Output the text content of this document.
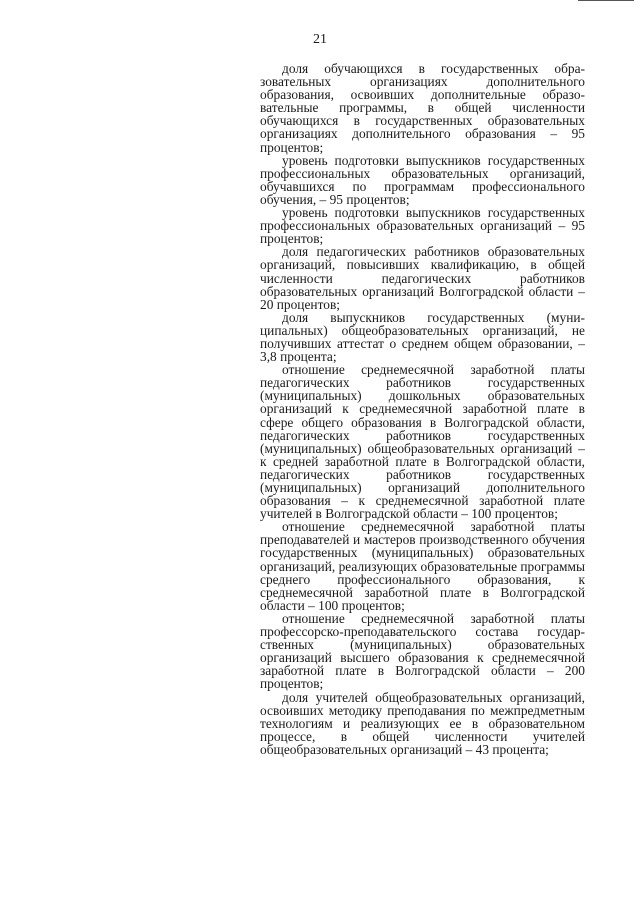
21

доля обучающихся в государственных образовательных организациях дополнительного образования, освоивших дополнительные образовательные программы, в общей численности обучающихся в государственных образовательных организациях дополнительного образования – 95 процентов;

уровень подготовки выпускников государственных профессиональных образовательных организаций, обучавшихся по программам профессионального обучения, – 95 процентов;

уровень подготовки выпускников государственных профессиональных образовательных организаций – 95 процентов;

доля педагогических работников образовательных организаций, повысивших квалификацию, в общей численности педагогических работников образовательных организаций Волгоградской области – 20 процентов;

доля выпускников государственных (муниципальных) общеобразовательных организаций, не получивших аттестат о среднем общем образовании, – 3,8 процента;

отношение среднемесячной заработной платы педагогических работников государственных (муниципальных) дошкольных образовательных организаций к среднемесячной заработной плате в сфере общего образования в Волгоградской области, педагогических работников государственных (муниципальных) общеобразовательных организаций – к средней заработной плате в Волгоградской области, педагогических работников государственных (муниципальных) организаций дополнительного образования – к среднемесячной заработной плате учителей в Волгоградской области – 100 процентов;

отношение среднемесячной заработной платы преподавателей и мастеров производственного обучения государственных (муниципальных) образовательных организаций, реализующих образовательные программы среднего профессионального образования, к среднемесячной заработной плате в Волгоградской области – 100 процентов;

отношение среднемесячной заработной платы профессорско-преподавательского состава государственных (муниципальных) образовательных организаций высшего образования к среднемесячной заработной плате в Волгоградской области – 200 процентов;

доля учителей общеобразовательных организаций, освоивших методику преподавания по межпредметным технологиям и реализующих ее в образовательном процессе, в общей численности учителей общеобразовательных организаций – 43 процента;
